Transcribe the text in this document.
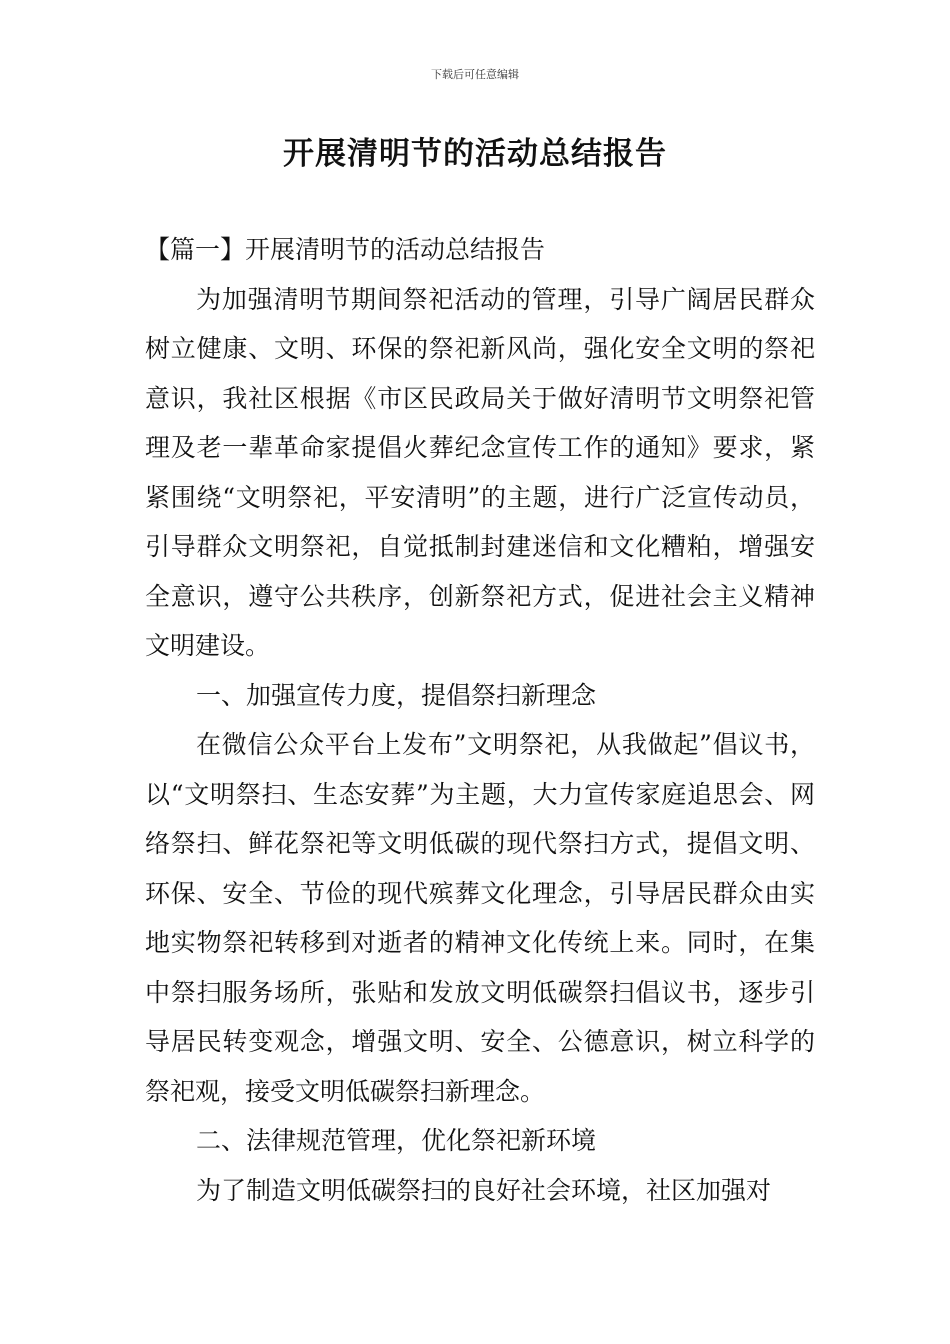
下载后可任意编辑
开展清明节的活动总结报告

【篇一】开展清明节的活动总结报告

为加强清明节期间祭祀活动的管理，引导广阔居民群众树立健康、文明、环保的祭祀新风尚，强化安全文明的祭祀意识，我社区根据《市区民政局关于做好清明节文明祭祀管理及老一辈革命家提倡火葬纪念宣传工作的通知》要求，紧紧围绕“文明祭祀，平安清明”的主题，进行广泛宣传动员，引导群众文明祭祀，自觉抵制封建迷信和文化糟粕，增强安全意识，遵守公共秩序，创新祭祀方式，促进社会主义精神文明建设。

一、加强宣传力度，提倡祭扫新理念

在微信公众平台上发布”文明祭祀，从我做起”倡议书，以“文明祭扫、生态安葬”为主题，大力宣传家庭追思会、网络祭扫、鲜花祭祀等文明低碳的现代祭扫方式，提倡文明、环保、安全、节俭的现代殡葬文化理念，引导居民群众由实地实物祭祀转移到对逝者的精神文化传统上来。同时，在集中祭扫服务场所，张贴和发放文明低碳祭扫倡议书，逐步引导居民转变观念，增强文明、安全、公德意识，树立科学的祭祀观，接受文明低碳祭扫新理念。

二、法律规范管理，优化祭祀新环境

为了制造文明低碳祭扫的良好社会环境，社区加强对
